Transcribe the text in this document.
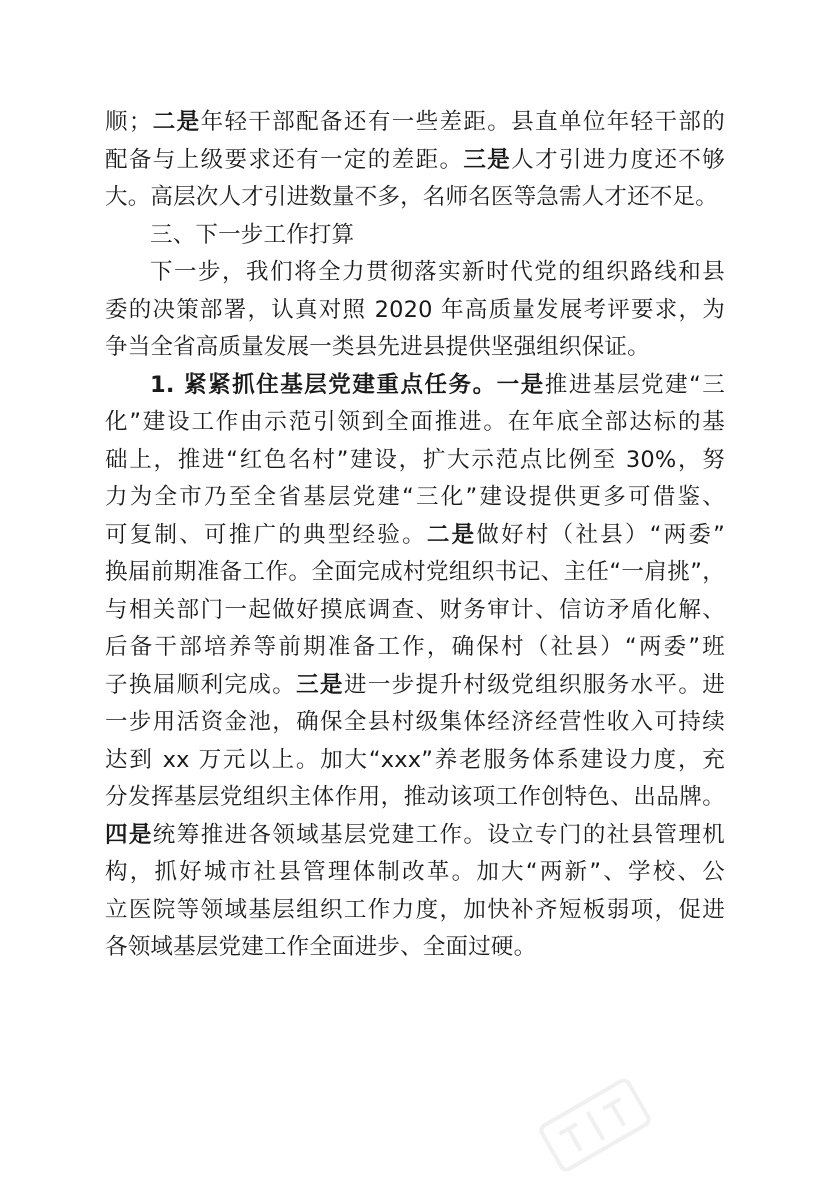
顺；二是年轻干部配备还有一些差距。县直单位年轻干部的
配备与上级要求还有一定的差距。三是人才引进力度还不够
大。高层次人才引进数量不多，名师名医等急需人才还不足。
三、下一步工作打算
下一步，我们将全力贯彻落实新时代党的组织路线和县
委的决策部署，认真对照 2020 年高质量发展考评要求，为
争当全省高质量发展一类县先进县提供坚强组织保证。
1. 紧紧抓住基层党建重点任务。一是推进基层党建“三
化”建设工作由示范引领到全面推进。在年底全部达标的基
础上，推进“红色名村”建设，扩大示范点比例至 30%，努
力为全市乃至全省基层党建“三化”建设提供更多可借鉴、
可复制、可推广的典型经验。二是做好村（社县）“两委”
换届前期准备工作。全面完成村党组织书记、主任“一肩挑”，
与相关部门一起做好摸底调查、财务审计、信访矛盾化解、
后备干部培养等前期准备工作，确保村（社县）“两委”班
子换届顺利完成。三是进一步提升村级党组织服务水平。进
一步用活资金池，确保全县村级集体经济经营性收入可持续
达到 xx 万元以上。加大“xxx”养老服务体系建设力度，充
分发挥基层党组织主体作用，推动该项工作创特色、出品牌。
四是统筹推进各领域基层党建工作。设立专门的社县管理机
构，抓好城市社县管理体制改革。加大“两新”、学校、公
立医院等领域基层组织工作力度，加快补齐短板弱项，促进
各领域基层党建工作全面进步、全面过硬。
